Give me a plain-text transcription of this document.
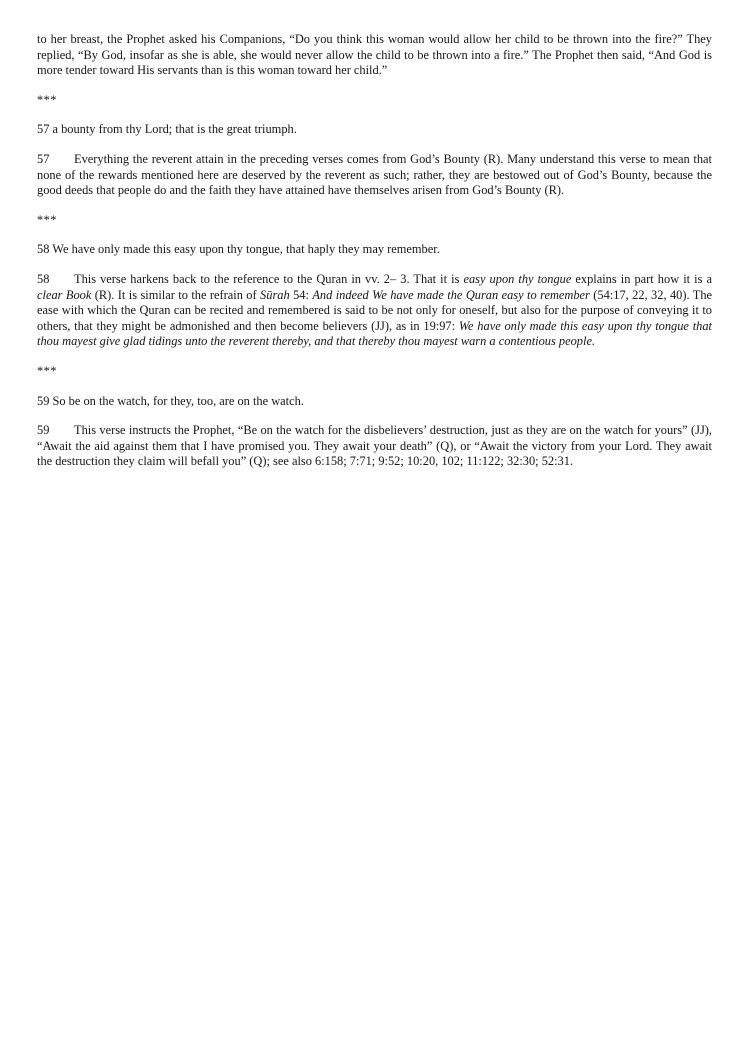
to her breast, the Prophet asked his Companions, “Do you think this woman would allow her child to be thrown into the fire?” They replied, “By God, insofar as she is able, she would never allow the child to be thrown into a fire.” The Prophet then said, “And God is more tender toward His servants than is this woman toward her child.”

***

57 a bounty from thy Lord; that is the great triumph.

57 Everything the reverent attain in the preceding verses comes from God’s Bounty (R). Many understand this verse to mean that none of the rewards mentioned here are deserved by the reverent as such; rather, they are bestowed out of God’s Bounty, because the good deeds that people do and the faith they have attained have themselves arisen from God’s Bounty (R).

***

58 We have only made this easy upon thy tongue, that haply they may remember.

58 This verse harkens back to the reference to the Quran in vv. 2– 3. That it is easy upon thy tongue explains in part how it is a clear Book (R). It is similar to the refrain of Sūrah 54: And indeed We have made the Quran easy to remember (54:17, 22, 32, 40). The ease with which the Quran can be recited and remembered is said to be not only for oneself, but also for the purpose of conveying it to others, that they might be admonished and then become believers (JJ), as in 19:97: We have only made this easy upon thy tongue that thou mayest give glad tidings unto the reverent thereby, and that thereby thou mayest warn a contentious people.

***

59 So be on the watch, for they, too, are on the watch.

59 This verse instructs the Prophet, “Be on the watch for the disbelievers’ destruction, just as they are on the watch for yours” (JJ), “Await the aid against them that I have promised you. They await your death” (Q), or “Await the victory from your Lord. They await the destruction they claim will befall you” (Q); see also 6:158; 7:71; 9:52; 10:20, 102; 11:122; 32:30; 52:31.
